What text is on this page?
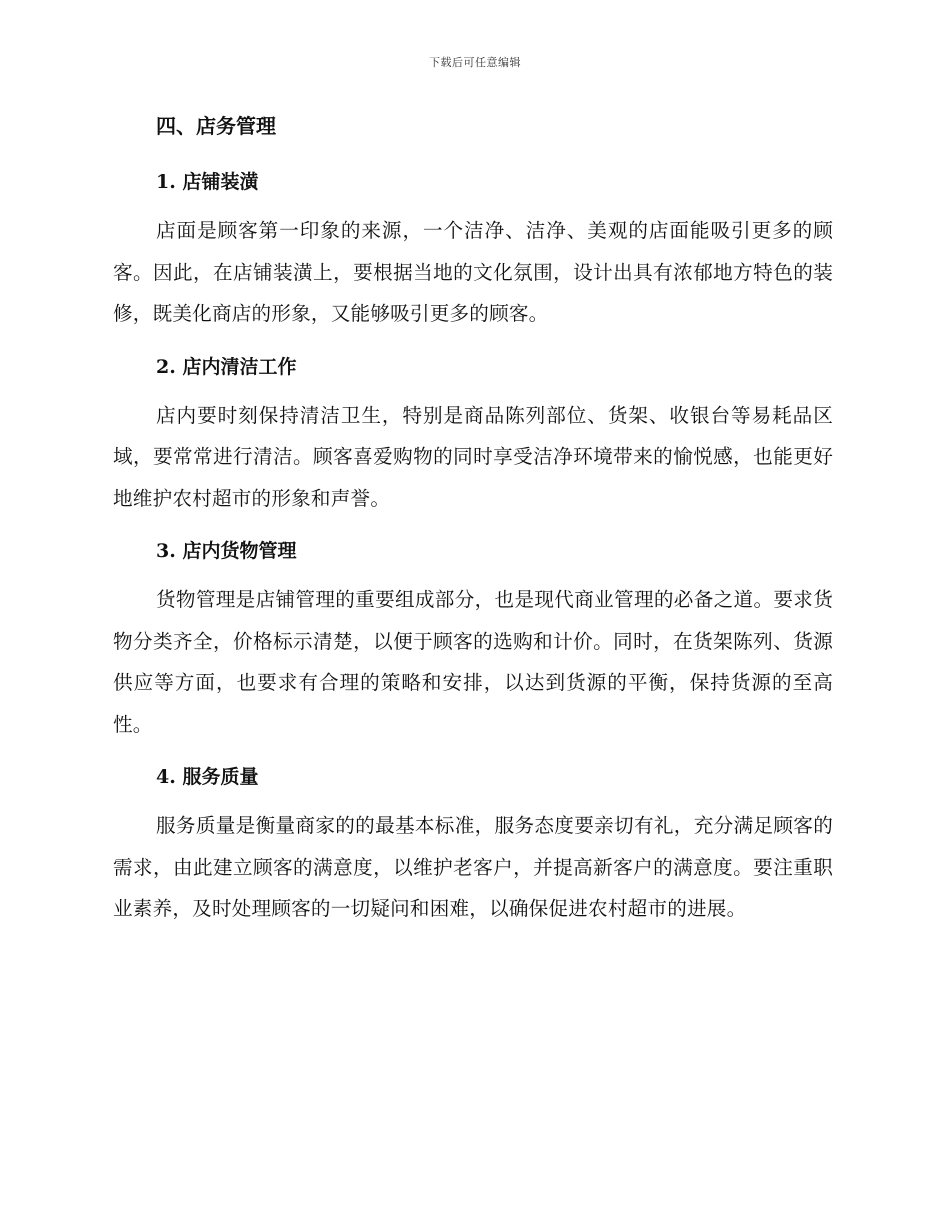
下载后可任意编辑
四、店务管理
1. 店铺装潢

店面是顾客第一印象的来源，一个洁净、洁净、美观的店面能吸引更多的顾客。因此，在店铺装潢上，要根据当地的文化氛围，设计出具有浓郁地方特色的装修，既美化商店的形象，又能够吸引更多的顾客。

2. 店内清洁工作

店内要时刻保持清洁卫生，特别是商品陈列部位、货架、收银台等易耗品区域，要常常进行清洁。顾客喜爱购物的同时享受洁净环境带来的愉悦感，也能更好地维护农村超市的形象和声誉。

3. 店内货物管理

货物管理是店铺管理的重要组成部分，也是现代商业管理的必备之道。要求货物分类齐全，价格标示清楚，以便于顾客的选购和计价。同时，在货架陈列、货源供应等方面，也要求有合理的策略和安排，以达到货源的平衡，保持货源的至高性。

4. 服务质量

服务质量是衡量商家的的最基本标准，服务态度要亲切有礼，充分满足顾客的需求，由此建立顾客的满意度，以维护老客户，并提高新客户的满意度。要注重职业素养，及时处理顾客的一切疑问和困难，以确保促进农村超市的进展。
